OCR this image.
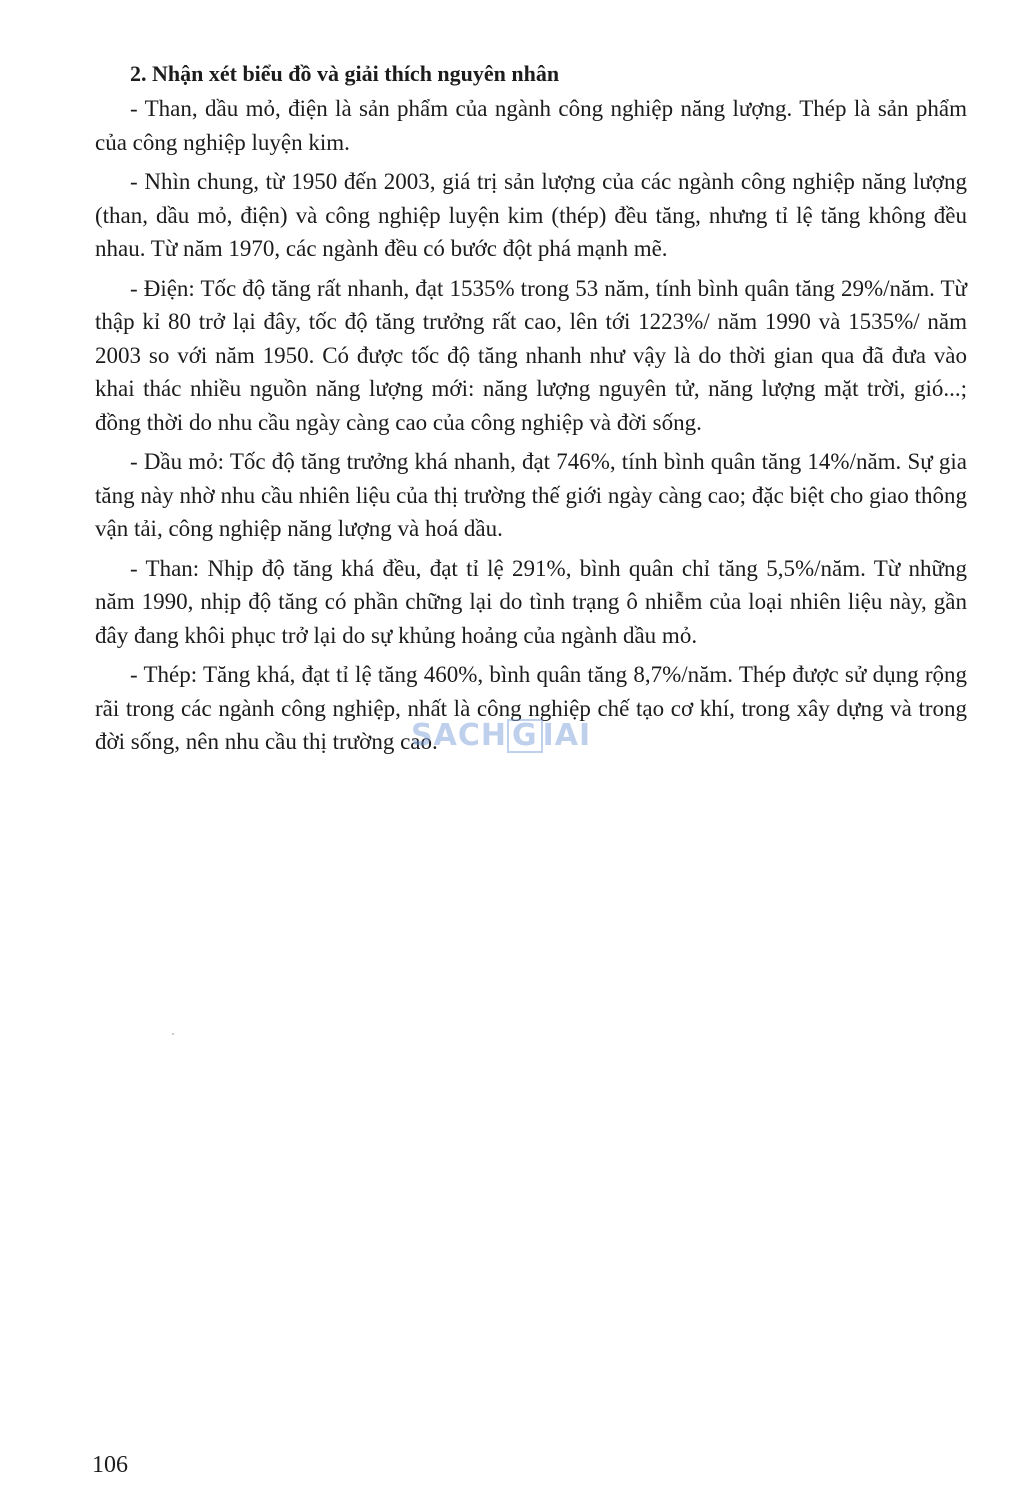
2. Nhận xét biểu đồ và giải thích nguyên nhân

- Than, dầu mỏ, điện là sản phẩm của ngành công nghiệp năng lượng. Thép là sản phẩm của công nghiệp luyện kim.

- Nhìn chung, từ 1950 đến 2003, giá trị sản lượng của các ngành công nghiệp năng lượng (than, dầu mỏ, điện) và công nghiệp luyện kim (thép) đều tăng, nhưng tỉ lệ tăng không đều nhau. Từ năm 1970, các ngành đều có bước đột phá mạnh mẽ.

- Điện: Tốc độ tăng rất nhanh, đạt 1535% trong 53 năm, tính bình quân tăng 29%/năm. Từ thập kỉ 80 trở lại đây, tốc độ tăng trưởng rất cao, lên tới 1223%/ năm 1990 và 1535%/ năm 2003 so với năm 1950. Có được tốc độ tăng nhanh như vậy là do thời gian qua đã đưa vào khai thác nhiều nguồn năng lượng mới: năng lượng nguyên tử, năng lượng mặt trời, gió...; đồng thời do nhu cầu ngày càng cao của công nghiệp và đời sống.

- Dầu mỏ: Tốc độ tăng trưởng khá nhanh, đạt 746%, tính bình quân tăng 14%/năm. Sự gia tăng này nhờ nhu cầu nhiên liệu của thị trường thế giới ngày càng cao; đặc biệt cho giao thông vận tải, công nghiệp năng lượng và hoá dầu.

- Than: Nhịp độ tăng khá đều, đạt tỉ lệ 291%, bình quân chỉ tăng 5,5%/năm. Từ những năm 1990, nhịp độ tăng có phần chững lại do tình trạng ô nhiễm của loại nhiên liệu này, gần đây đang khôi phục trở lại do sự khủng hoảng của ngành dầu mỏ.

- Thép: Tăng khá, đạt tỉ lệ tăng 460%, bình quân tăng 8,7%/năm. Thép được sử dụng rộng rãi trong các ngành công nghiệp, nhất là công nghiệp chế tạo cơ khí, trong xây dựng và trong đời sống, nên nhu cầu thị trường cao.

SACH G IAI
106
